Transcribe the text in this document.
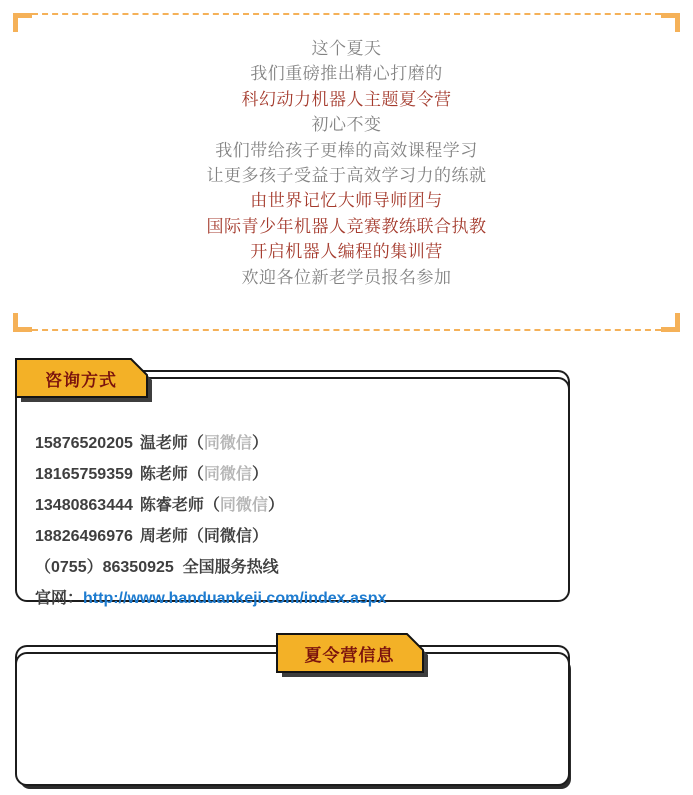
这个夏天
我们重磅推出精心打磨的
科幻动力机器人主题夏令营
初心不变
我们带给孩子更棒的高效课程学习
让更多孩子受益于高效学习力的练就
由世界记忆大师导师团与
国际青少年机器人竞赛教练联合执教
开启机器人编程的集训营
欢迎各位新老学员报名参加
咨询方式
15876520205 温老师（同微信）
18165759359 陈老师（同微信）
13480863444 陈睿老师（同微信）
18826496976 周老师（同微信）
（0755）86350925  全国服务热线
官网：http://www.handuankeji.com/index.aspx
夏令营信息
